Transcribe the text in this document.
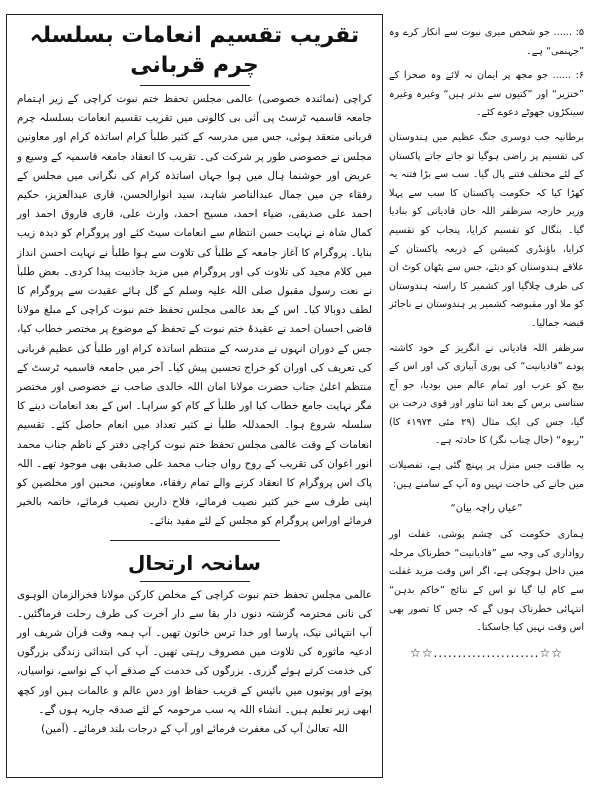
تقریب تقسیم انعامات بسلسلہ چرم قربانی

کراچی (نمائندہ خصوصی) عالمی مجلس تحفظ ختم نبوت کراچی کے زیر اہتمام جامعہ قاسمیہ ٹرسٹ پی آئی بی کالونی میں تقریب تقسیم انعامات بسلسلہ چرم قربانی منعقد ہوئی، جس میں مدرسہ کے کثیر طلبأ کرام اساتذہ کرام اور معاونین مجلس نے خصوصی طور پر شرکت کی۔ تقریب کا انعقاد جامعہ قاسمیہ کے وسیع و عریض اور خوشنما ہال میں ہوا جہاں اساتذہ کرام کی نگرانی میں مجلس کے رفقاء جن میں جمال عبدالناصر شاہد، سید انوارالحسن، قاری عبدالعزیز، حکیم احمد علی صدیقی، ضیاء احمد، مسیح احمد، وارث علی، قاری فاروق احمد اور کمال شاہ نے نہایت حسن انتظام سے انعامات سیٹ کئے اور پروگرام کو دیدہ زیب بنایا۔ پروگرام کا آغاز جامعہ کے طلبأ کی تلاوت سے ہوا طلبأ نے نہایت احسن انداز میں کلام مجید کی تلاوت کی اور پروگرام میں مزید جاذبیت پیدا کردی۔ بعض طلبأ نے نعت رسول مقبول صلی اللہ علیہ وسلم کے گل ہائے عقیدت سے پروگرام کا لطف دوبالا کیا۔ اس کے بعد عالمی مجلس تحفظ ختم نبوت کراچی کے مبلغ مولانا قاضی احسان احمد نے عقیدۂ ختم نبوت کے تحفظ کے موضوع پر مختصر خطاب کیا، جس کے دوران انہوں نے مدرسہ کے منتظم اساتذہ کرام اور طلبأ کی عظیم قربانی کی تعریف کی اوران کو خراج تحسین پیش کیا۔ آخر میں جامعہ قاسمیہ ٹرسٹ کے منتظم اعلیٰ جناب حضرت مولانا امان اللہ خالدی صاحب نے خصوصی اور مختصر مگر نہایت جامع خطاب کیا اور طلبأ کے کام کو سراہا۔ اس کے بعد انعامات دینے کا سلسلہ شروع ہوا۔ الحمدللہ طلبأ نے کثیر تعداد میں انعام حاصل کئے۔ تقسیم انعامات کے وقت عالمی مجلس تحفظ ختم نبوت کراچی دفتر کے ناظم جناب محمد انور اعوان کی تقریب کے روح رواں جناب محمد علی صدیقی بھی موجود تھے۔ اللہ پاک اس پروگرام کا انعقاد کرنے والے تمام رفقاء، معاونین، محبین اور مخلصین کو اپنی طرف سے خیر کثیر نصیب فرمائے، فلاح دارین نصیب فرمائے، خاتمہ بالخیر فرمائے اوراس پروگرام کو مجلس کے لئے مفید بنائے۔

سانحہ ارتحال

عالمی مجلس تحفظ ختم نبوت کراچی کے مخلص کارکن مولانا فخرالزمان الوہوی کی نانی محترمہ گزشتہ دنوں دار بقا سے دار آخرت کی طرف رحلت فرماگئیں۔ آپ انتہائی نیک، پارسا اور خدا ترس خاتون تھیں۔ آپ ہمہ وقت قرآن شریف اور ادعیہ ماثورہ کی تلاوت میں مصروف رہتی تھیں۔ آپ کی ابتدائی زندگی بزرگوں کی خدمت کرتے ہوئے گزری۔ بزرگوں کی خدمت کے صدقے آپ کے نواسے، نواسیاں، پوتے اور پوتیوں میں بائیس کے قریب حفاظ اور دس عالم و عالمات ہیں اور کچھ ابھی زیر تعلیم ہیں۔ انشاء اللہ یہ سب مرحومہ کے لئے صدقہ جاریہ ہوں گے۔

اللہ تعالیٰ آپ کی مغفرت فرمائے اور آپ کے درجات بلند فرمائے۔ (آمین)

۵: ...... جو شخص میری نبوت سے انکار کرے وہ ”جہنمی“ ہے۔

۶: ...... جو مجھ پر ایمان نہ لائے وہ صحرا کے ”خنزیر“ اور ”کتیوں سے بدتر ہیں“ وغیرہ وغیرہ سینکڑوں جھوٹے دعوے کئے۔

برطانیہ جب دوسری جنگ عظیم میں ہندوستان کی تقسیم پر راضی ہوگیا تو جاتے جاتے پاکستان کے لئے مختلف فتنے پال گیا۔ سب سے بڑا فتنہ یہ کھڑا کیا کہ حکومت پاکستان کا سب سے پہلا وزیر خارجہ سرظفر اللہ خان قادیانی کو بنادیا گیا۔ بنگال کو تقسیم کرایا، پنجاب کو تقسیم کرایا، باؤنڈری کمیشن کے ذریعہ پاکستان کے علاقے ہندوستان کو دیئے، جس سے پٹھان کوٹ ان کی طرف چلاگیا اور کشمیر کا راستہ ہندوستان کو ملا اور مقبوضہ کشمیر پر ہندوستان نے ناجائز قبضہ جمالیا۔

سرظفر اللہ قادیانی نے انگریز کے خود کاشتہ پودے ”قادیانیت“ کی پوری آبیاری کی اور اس کے بیج کو عرب اور تمام عالم میں بودیا، جو آج ستاسی برس کے بعد اتنا تناور اور قوی درخت بن گیا، جس کی ایک مثال (۲۹ مئی ۱۹۷۴ء کا) ”ربوہ“ (حال چناب نگر) کا حادثہ ہے۔

یہ طاقت جس منزل پر پہنچ گئی ہے، تفصیلات میں جانے کی حاجت نہیں وہ آپ کے سامنے ہیں:

”عیاں راچہ بیان“

ہماری حکومت کی چشم پوشی، غفلت اور رواداری کی وجہ سے ”قادیانیت“ خطرناک مرحلہ میں داخل ہوچکی ہے، اگر اس وقت مزید غفلت سے کام لیا گیا تو اس کے نتائج ”خاکم بدہن“ انتہائی خطرناک ہوں گے کہ جس کا تصور بھی اس وقت نہیں کیا جاسکتا۔

☆☆......................☆☆
